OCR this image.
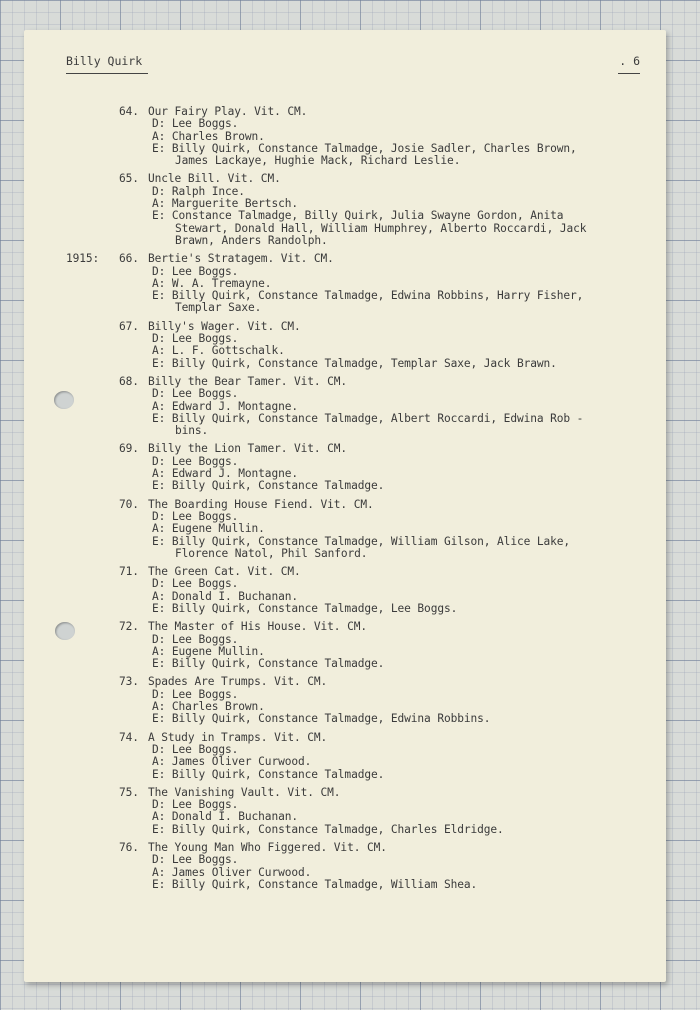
Billy Quirk	. 6
64. Our Fairy Play. Vit. CM.
D: Lee Boggs.
A: Charles Brown.
E: Billy Quirk, Constance Talmadge, Josie Sadler, Charles Brown,
James Lackaye, Hughie Mack, Richard Leslie.
65. Uncle Bill. Vit. CM.
D: Ralph Ince.
A: Marguerite Bertsch.
E: Constance Talmadge, Billy Quirk, Julia Swayne Gordon, Anita
Stewart, Donald Hall, William Humphrey, Alberto Roccardi, Jack
Brawn, Anders Randolph.
1915: 66. Bertie's Stratagem. Vit. CM.
D: Lee Boggs.
A: W. A. Tremayne.
E: Billy Quirk, Constance Talmadge, Edwina Robbins, Harry Fisher,
Templar Saxe.
67. Billy's Wager. Vit. CM.
D: Lee Boggs.
A: L. F. Gottschalk.
E: Billy Quirk, Constance Talmadge, Templar Saxe, Jack Brawn.
68. Billy the Bear Tamer. Vit. CM.
D: Lee Boggs.
A: Edward J. Montagne.
E: Billy Quirk, Constance Talmadge, Albert Roccardi, Edwina Rob -
bins.
69. Billy the Lion Tamer. Vit. CM.
D: Lee Boggs.
A: Edward J. Montagne.
E: Billy Quirk, Constance Talmadge.
70. The Boarding House Fiend. Vit. CM.
D: Lee Boggs.
A: Eugene Mullin.
E: Billy Quirk, Constance Talmadge, William Gilson, Alice Lake,
Florence Natol, Phil Sanford.
71. The Green Cat. Vit. CM.
D: Lee Boggs.
A: Donald I. Buchanan.
E: Billy Quirk, Constance Talmadge, Lee Boggs.
72. The Master of His House. Vit. CM.
D: Lee Boggs.
A: Eugene Mullin.
E: Billy Quirk, Constance Talmadge.
73. Spades Are Trumps. Vit. CM.
D: Lee Boggs.
A: Charles Brown.
E: Billy Quirk, Constance Talmadge, Edwina Robbins.
74. A Study in Tramps. Vit. CM.
D: Lee Boggs.
A: James Oliver Curwood.
E: Billy Quirk, Constance Talmadge.
75. The Vanishing Vault. Vit. CM.
D: Lee Boggs.
A: Donald I. Buchanan.
E: Billy Quirk, Constance Talmadge, Charles Eldridge.
76. The Young Man Who Figgered. Vit. CM.
D: Lee Boggs.
A: James Oliver Curwood.
E: Billy Quirk, Constance Talmadge, William Shea.
